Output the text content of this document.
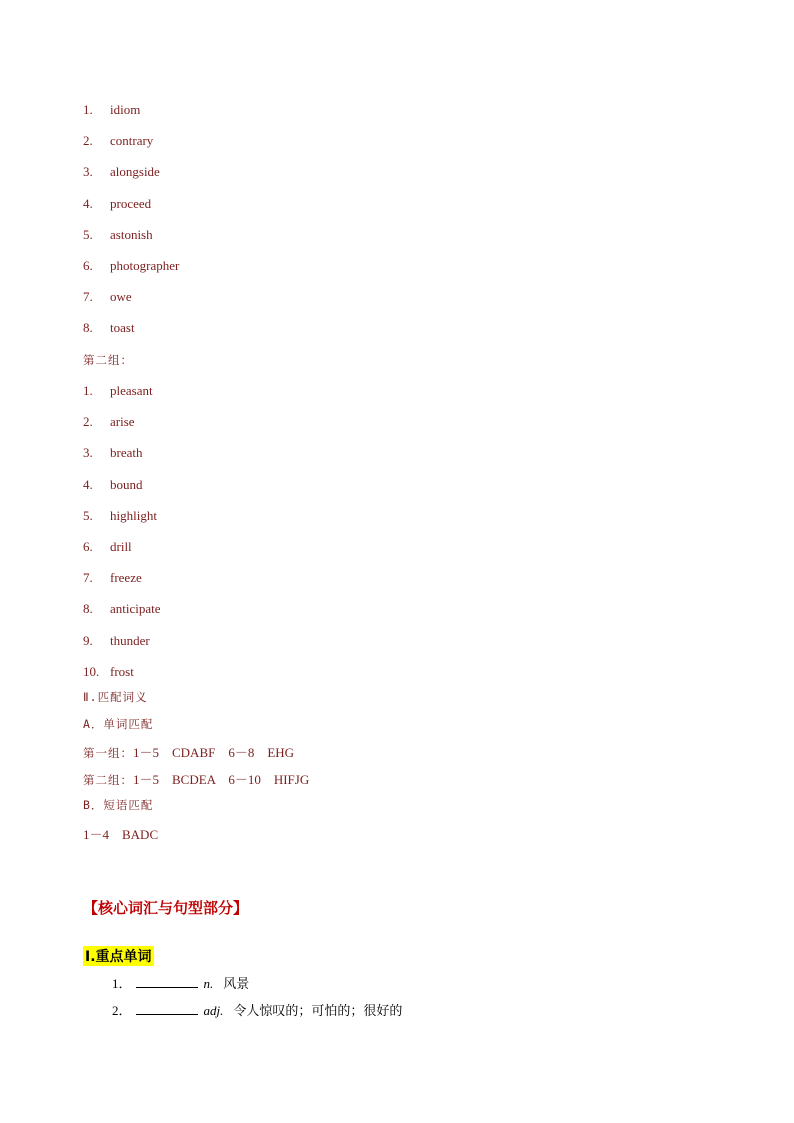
1.	idiom
2.	contrary
3.	alongside
4.	proceed
5.	astonish
6.	photographer
7.	owe
8.	toast
第二组：
1.	pleasant
2.	arise
3.	breath
4.	bound
5.	highlight
6.	drill
7.	freeze
8.	anticipate
9.	thunder
10. frost
Ⅱ.匹配词义
A．单词匹配
第一组：1－5　CDABF　6－8　EHG
第二组：1－5　BCDEA　6－10　HIFJG
B．短语匹配
1－4　BADC
【核心词汇与句型部分】
Ⅰ.重点单词
1．	n. 风景
2．	adj. 令人惊叹的；可怕的；很好的
